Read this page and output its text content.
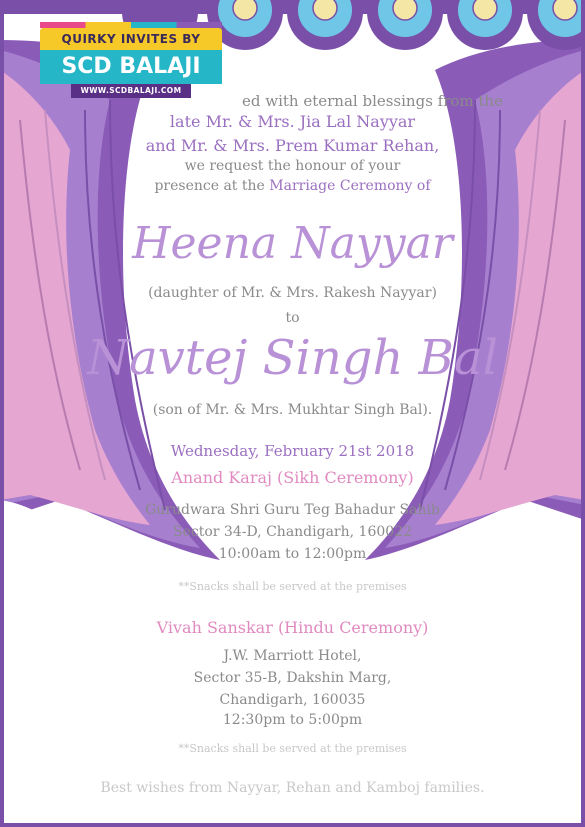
QUIRKY INVITES BY
SCD BALAJI
WWW.SCDBALAJI.COM
ed with eternal blessings from the
late Mr. & Mrs. Jia Lal Nayyar
and Mr. & Mrs. Prem Kumar Rehan,
we request the honour of your
presence at the Marriage Ceremony of
Heena Nayyar
(daughter of Mr. & Mrs. Rakesh Nayyar)
to
Navtej Singh Bal
(son of Mr. & Mrs. Mukhtar Singh Bal).
Wednesday, February 21st 2018
Anand Karaj (Sikh Ceremony)
Gurudwara Shri Guru Teg Bahadur Sahib
Sector 34-D, Chandigarh, 160022
10:00am to 12:00pm
**Snacks shall be served at the premises
Vivah Sanskar (Hindu Ceremony)
J.W. Marriott Hotel,
Sector 35-B, Dakshin Marg,
Chandigarh, 160035
12:30pm to 5:00pm
**Snacks shall be served at the premises
Best wishes from Nayyar, Rehan and Kamboj families.
